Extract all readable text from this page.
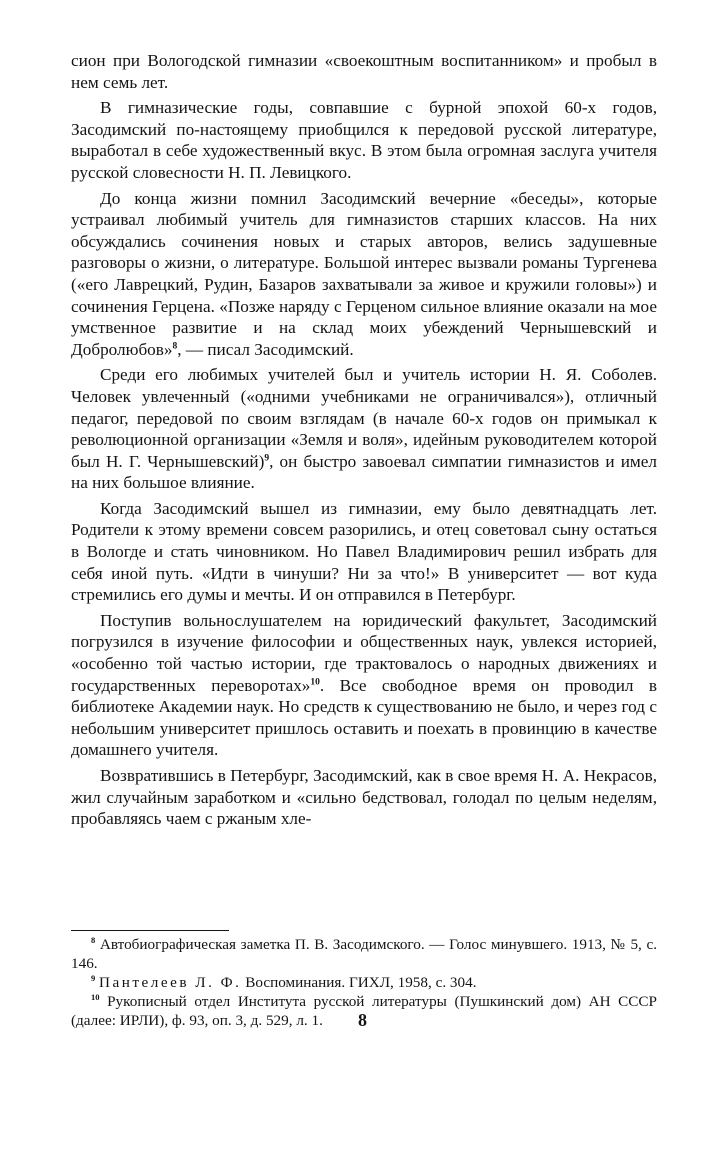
сион при Вологодской гимназии «своекоштным воспитанником» и пробыл в нем семь лет.

В гимназические годы, совпавшие с бурной эпохой 60-х годов, Засодимский по-настоящему приобщился к передовой русской литературе, выработал в себе художественный вкус. В этом была огромная заслуга учителя русской словесности Н. П. Левицкого.

До конца жизни помнил Засодимский вечерние «беседы», которые устраивал любимый учитель для гимназистов старших классов. На них обсуждались сочинения новых и старых авторов, велись задушевные разговоры о жизни, о литературе. Большой интерес вызвали романы Тургенева («его Лаврецкий, Рудин, Базаров захватывали за живое и кружили головы») и сочинения Герцена. «Позже наряду с Герценом сильное влияние оказали на мое умственное развитие и на склад моих убеждений Чернышевский и Добролюбов»$^8$, — писал Засодимский.

Среди его любимых учителей был и учитель истории Н. Я. Соболев. Человек увлеченный («одними учебниками не ограничивался»), отличный педагог, передовой по своим взглядам (в начале 60-х годов он примыкал к революционной организации «Земля и воля», идейным руководителем которой был Н. Г. Чернышевский)$^9$, он быстро завоевал симпатии гимназистов и имел на них большое влияние.

Когда Засодимский вышел из гимназии, ему было девятнадцать лет. Родители к этому времени совсем разорились, и отец советовал сыну остаться в Вологде и стать чиновником. Но Павел Владимирович решил избрать для себя иной путь. «Идти в чинуши? Ни за что!» В университет — вот куда стремились его думы и мечты. И он отправился в Петербург.

Поступив вольнослушателем на юридический факультет, Засодимский погрузился в изучение философии и общественных наук, увлекся историей, «особенно той частью истории, где трактовалось о народных движениях и государственных переворотах»$^{10}$. Все свободное время он проводил в библиотеке Академии наук. Но средств к существованию не было, и через год с небольшим университет пришлось оставить и поехать в провинцию в качестве домашнего учителя.

Возвратившись в Петербург, Засодимский, как в свое время Н. А. Некрасов, жил случайным заработком и «сильно бедствовал, голодал по целым неделям, пробавляясь чаем с ржаным хле-

$^8$ Автобиографическая заметка П. В. Засодимского. — Голос минувшего. 1913, № 5, с. 146.

$^9$ Пантелеев Л. Ф. Воспоминания. ГИХЛ, 1958, с. 304.

$^{10}$ Рукописный отдел Института русской литературы (Пушкинский дом) АН СССР (далее: ИРЛИ), ф. 93, оп. 3, д. 529, л. 1.	8
